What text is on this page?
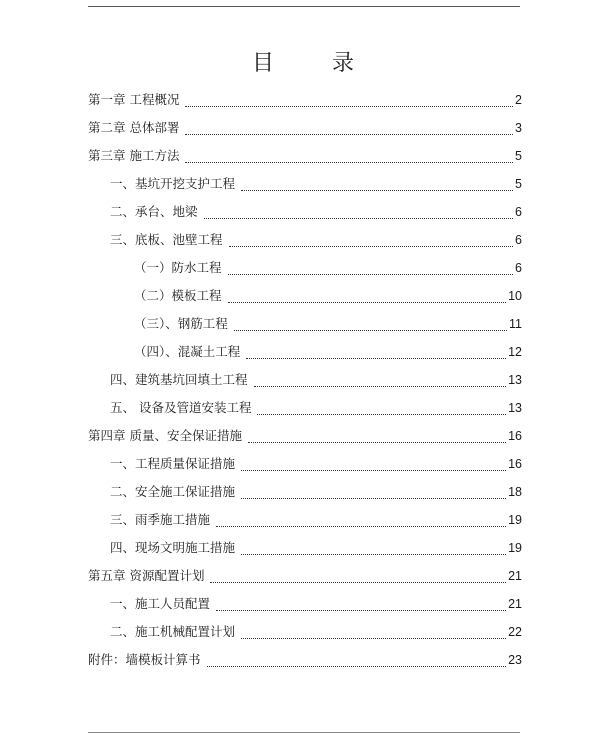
目	录
第一章 工程概况	2
第二章 总体部署	3
第三章 施工方法	5
一、基坑开挖支护工程	5
二、承台、地梁	6
三、底板、池壁工程	6
（一）防水工程	6
（二）模板工程	10
（三）、钢筋工程	11
（四）、混凝土工程	12
四、建筑基坑回填土工程	13
五、 设备及管道安装工程	13
第四章 质量、安全保证措施	16
一、工程质量保证措施	16
二、安全施工保证措施	18
三、雨季施工措施	19
四、现场文明施工措施	19
第五章 资源配置计划	21
一、施工人员配置	21
二、施工机械配置计划	22
附件：墙模板计算书	23
